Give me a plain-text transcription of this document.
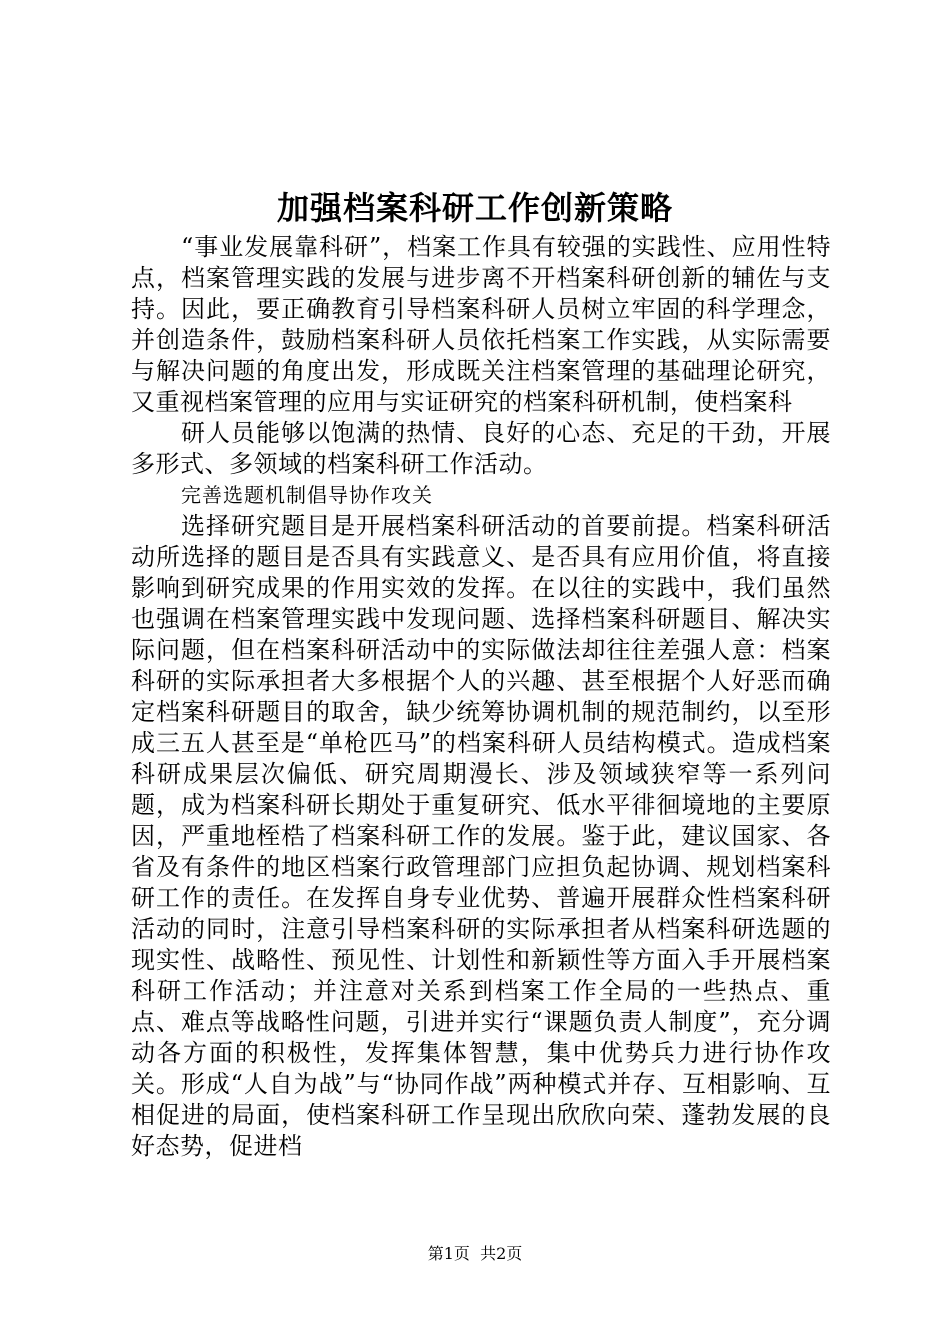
加强档案科研工作创新策略

“事业发展靠科研”，档案工作具有较强的实践性、应用性特点，档案管理实践的发展与进步离不开档案科研创新的辅佐与支持。因此，要正确教育引导档案科研人员树立牢固的科学理念，并创造条件，鼓励档案科研人员依托档案工作实践，从实际需要与解决问题的角度出发，形成既关注档案管理的基础理论研究，又重视档案管理的应用与实证研究的档案科研机制，使档案科

研人员能够以饱满的热情、良好的心态、充足的干劲，开展多形式、多领域的档案科研工作活动。

完善选题机制倡导协作攻关

选择研究题目是开展档案科研活动的首要前提。档案科研活动所选择的题目是否具有实践意义、是否具有应用价值，将直接影响到研究成果的作用实效的发挥。在以往的实践中，我们虽然也强调在档案管理实践中发现问题、选择档案科研题目、解决实际问题，但在档案科研活动中的实际做法却往往差强人意：档案科研的实际承担者大多根据个人的兴趣、甚至根据个人好恶而确定档案科研题目的取舍，缺少统筹协调机制的规范制约，以至形成三五人甚至是“单枪匹马”的档案科研人员结构模式。造成档案科研成果层次偏低、研究周期漫长、涉及领域狭窄等一系列问题，成为档案科研长期处于重复研究、低水平徘徊境地的主要原因，严重地桎梏了档案科研工作的发展。鉴于此，建议国家、各省及有条件的地区档案行政管理部门应担负起协调、规划档案科研工作的责任。在发挥自身专业优势、普遍开展群众性档案科研活动的同时，注意引导档案科研的实际承担者从档案科研选题的现实性、战略性、预见性、计划性和新颖性等方面入手开展档案科研工作活动；并注意对关系到档案工作全局的一些热点、重点、难点等战略性问题，引进并实行“课题负责人制度”，充分调动各方面的积极性，发挥集体智慧，集中优势兵力进行协作攻关。形成“人自为战”与“协同作战”两种模式并存、互相影响、互相促进的局面，使档案科研工作呈现出欣欣向荣、蓬勃发展的良好态势，促进档

第1页  共2页
